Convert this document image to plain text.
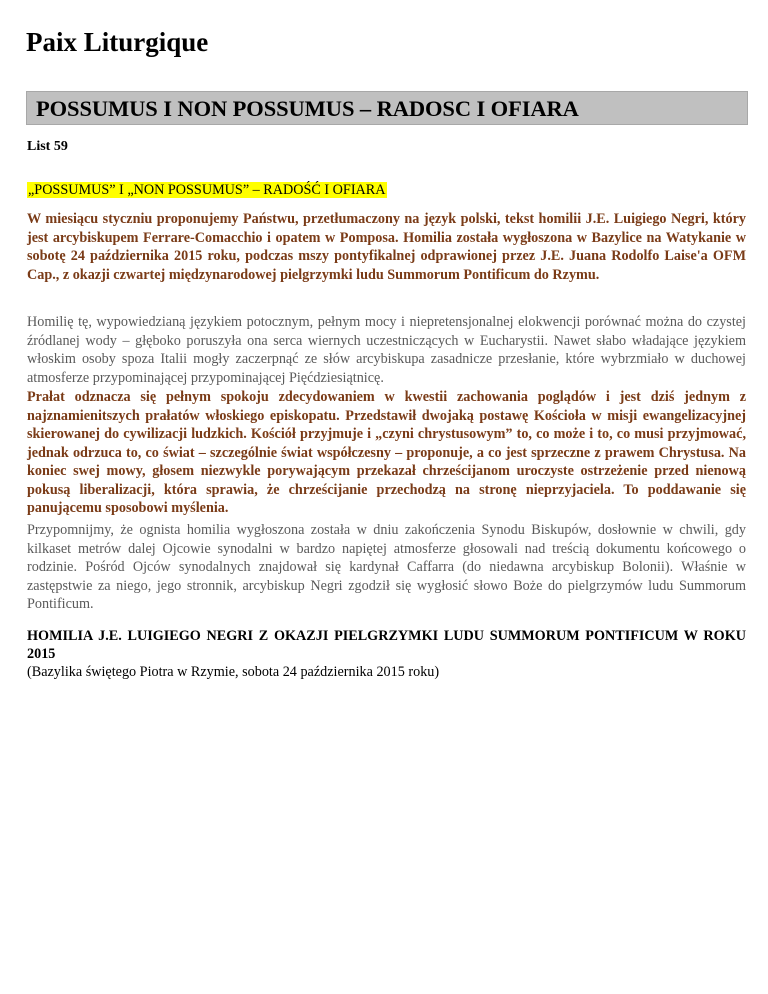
Paix Liturgique
POSSUMUS I NON POSSUMUS – RADOSC I OFIARA
List 59
„POSSUMUS” I „NON POSSUMUS” – RADOŚĆ I OFIARA

W miesiącu styczniu proponujemy Państwu, przetłumaczony na język polski, tekst homilii J.E. Luigiego Negri, który jest arcybiskupem Ferrare-Comacchio i opatem w Pomposa. Homilia została wygłoszona w Bazylice na Watykanie w sobotę 24 października 2015 roku, podczas mszy pontyfikalnej odprawionej przez J.E. Juana Rodolfo Laise'a OFM Cap., z okazji czwartej międzynarodowej pielgrzymki ludu Summorum Pontificum do Rzymu.

Homilię tę, wypowiedzianą językiem potocznym, pełnym mocy i niepretensjonalnej elokwencji porównać można do czystej źródlanej wody – głęboko poruszyła ona serca wiernych uczestniczących w Eucharystii. Nawet słabo władające językiem włoskim osoby spoza Italii mogły zaczerpnąć ze słów arcybiskupa zasadnicze przesłanie, które wybrzmiało w duchowej atmosferze przypominającej przypominającej Pięćdziesiątnicę.

Prałat odznacza się pełnym spokoju zdecydowaniem w kwestii zachowania poglądów i jest dziś jednym z najznamienitszych prałatów włoskiego episkopatu. Przedstawił dwojaką postawę Kościoła w misji ewangelizacyjnej skierowanej do cywilizacji ludzkich. Kościół przyjmuje i „czyni chrystusowym” to, co może i to, co musi przyjmować, jednak odrzuca to, co świat – szczególnie świat współczesny – proponuje, a co jest sprzeczne z prawem Chrystusa. Na koniec swej mowy, głosem niezwykle porywającym przekazał chrześcijanom uroczyste ostrzeżenie przed nienową pokusą liberalizacji, która sprawia, że chrześcijanie przechodzą na stronę nieprzyjaciela. To poddawanie się panującemu sposobowi myślenia.

Przypomnijmy, że ognista homilia wygłoszona została w dniu zakończenia Synodu Biskupów, dosłownie w chwili, gdy kilkaset metrów dalej Ojcowie synodalni w bardzo napiętej atmosferze głosowali nad treścią dokumentu końcowego o rodzinie. Pośród Ojców synodalnych znajdował się kardynał Caffarra (do niedawna arcybiskup Bolonii). Właśnie w zastępstwie za niego, jego stronnik, arcybiskup Negri zgodził się wygłosić słowo Boże do pielgrzymów ludu Summorum Pontificum.

HOMILIA J.E. LUIGIEGO NEGRI Z OKAZJI PIELGRZYMKI LUDU SUMMORUM PONTIFICUM W ROKU 2015
(Bazylika świętego Piotra w Rzymie, sobota 24 października 2015 roku)
